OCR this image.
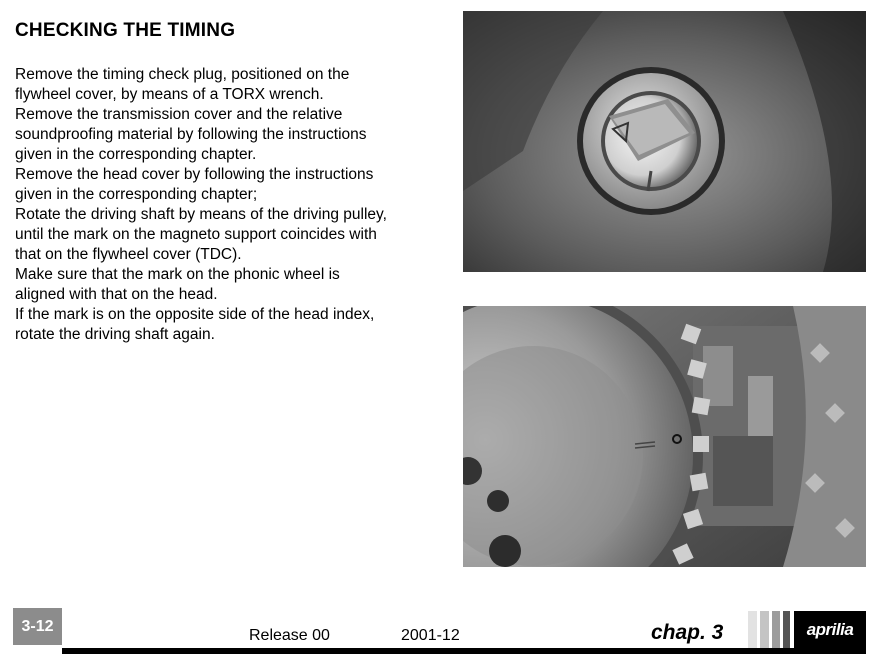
CHECKING THE TIMING
Remove the timing check plug, positioned on the
flywheel cover, by means of a TORX wrench.
Remove the transmission cover and the relative
soundproofing material by following the instructions
given in the corresponding chapter.
Remove the head cover by following the instructions
given in the corresponding chapter;
Rotate the driving shaft by means of the driving pulley,
until the mark on the magneto support coincides with
that on the flywheel cover (TDC).
Make sure that the mark on the phonic wheel is
aligned with that on the head.
If the mark is on the opposite side of the head index,
rotate the driving shaft again.
3-12
Release 00	2001-12	chap. 3	aprilia
